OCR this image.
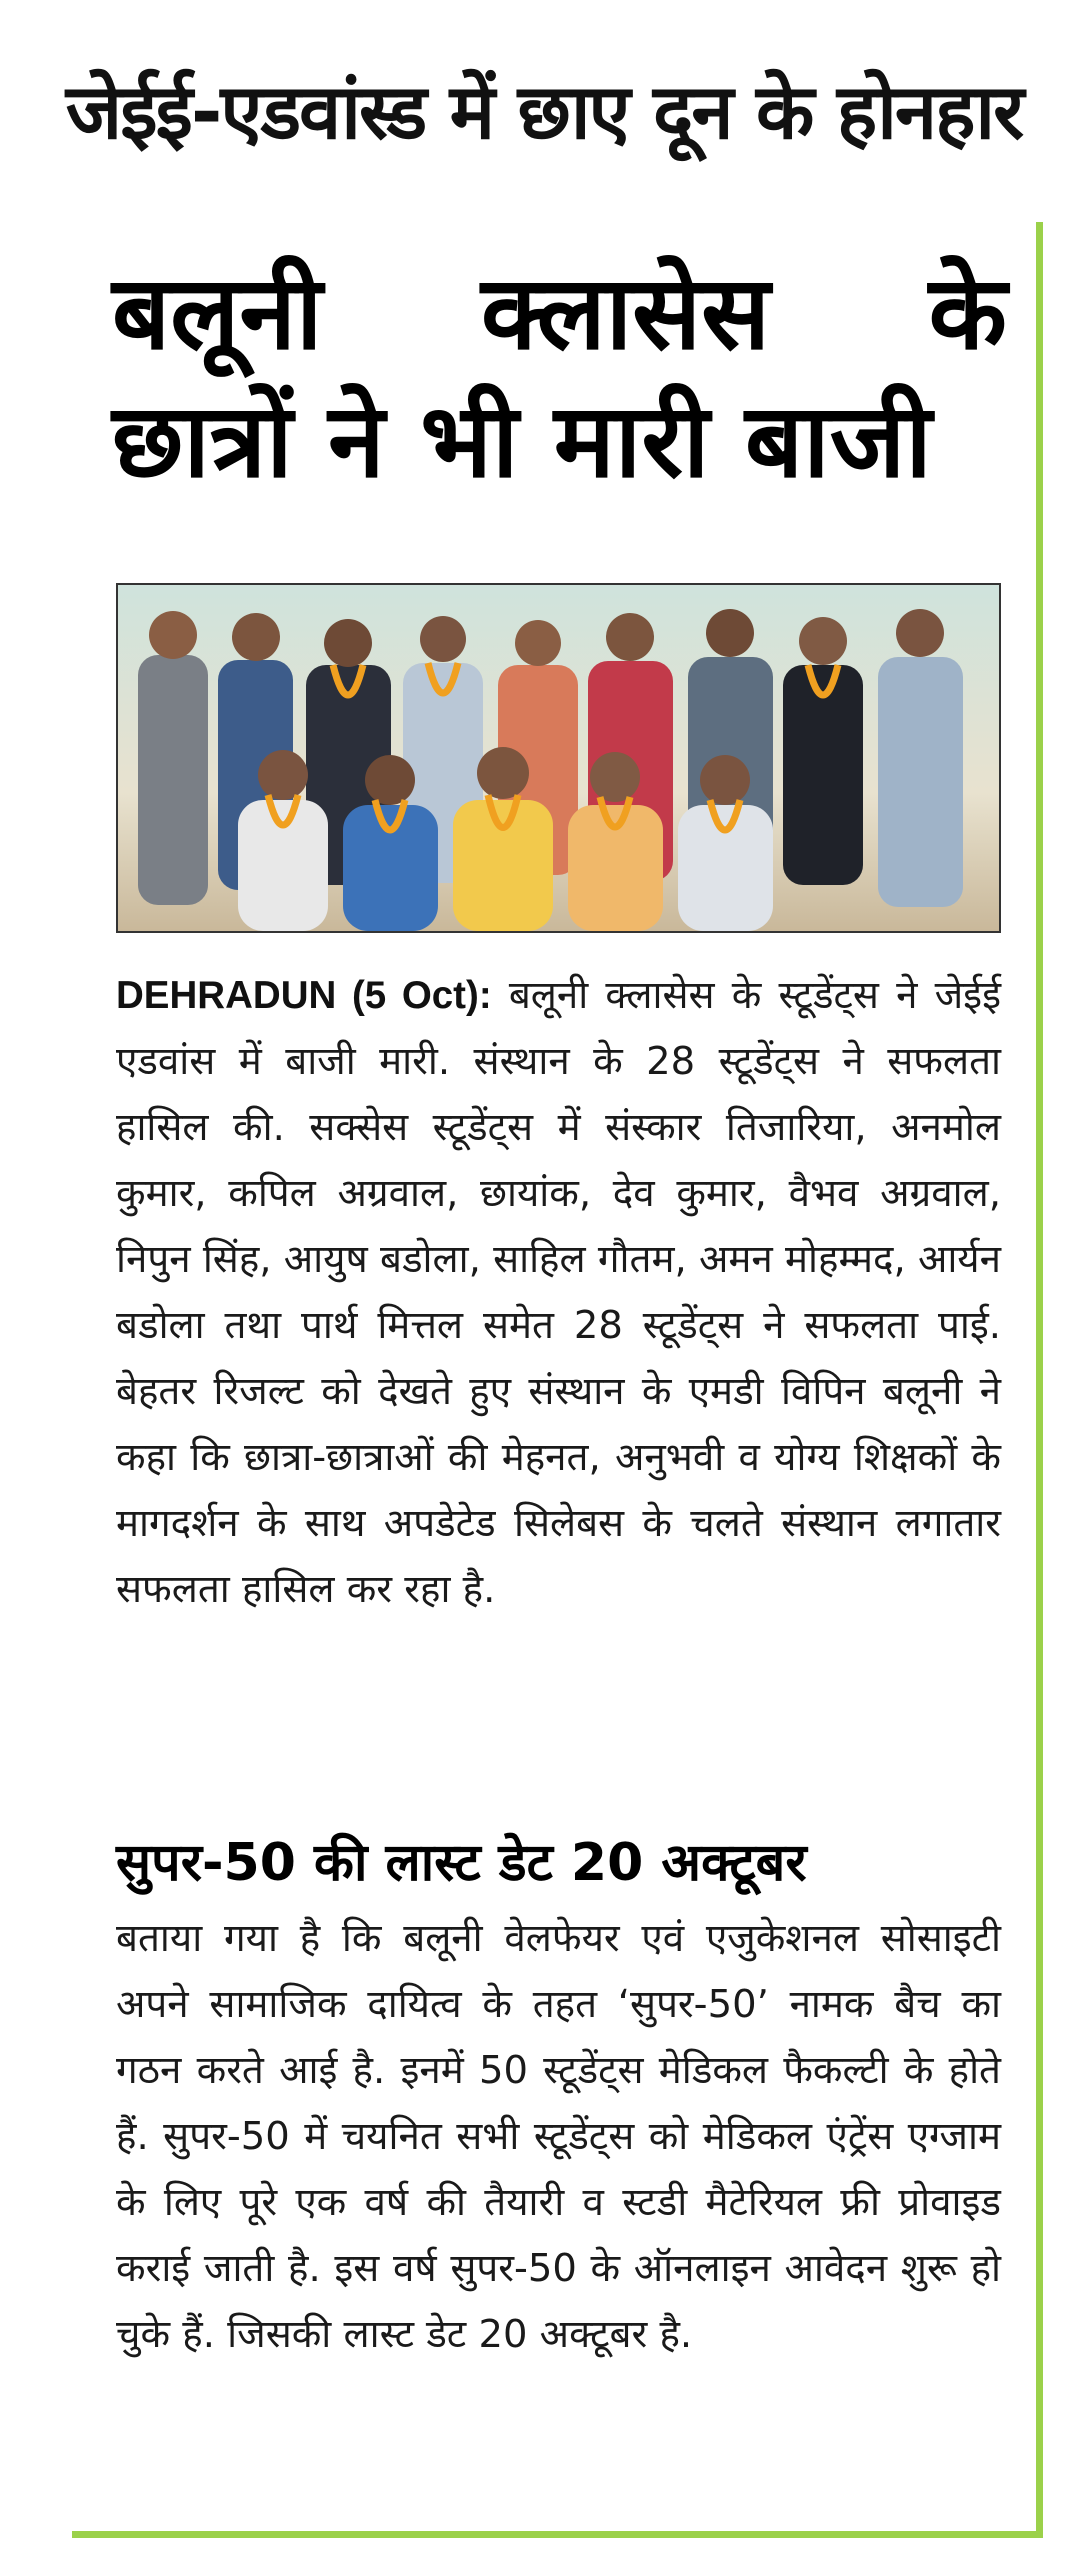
जेईई-एडवांस्ड में छाए दून के होनहार
बलूनी क्लासेस के
छात्रों ने भी मारी बाजी
DEHRADUN (5 Oct): बलूनी क्लासेस के स्टूडेंट्स ने जेईई एडवांस में बाजी मारी. संस्थान के 28 स्टूडेंट्स ने सफलता हासिल की. सक्सेस स्टूडेंट्स में संस्कार तिजारिया, अनमोल कुमार, कपिल अग्रवाल, छायांक, देव कुमार, वैभव अग्रवाल, निपुन सिंह, आयुष बडोला, साहिल गौतम, अमन मोहम्मद, आर्यन बडोला तथा पार्थ मित्तल समेत 28 स्टूडेंट्स ने सफलता पाई. बेहतर रिजल्ट को देखते हुए संस्थान के एमडी विपिन बलूनी ने कहा कि छात्रा-छात्राओं की मेहनत, अनुभवी व योग्य शिक्षकों के मागदर्शन के साथ अपडेटेड सिलेबस के चलते संस्थान लगातार सफलता हासिल कर रहा है.
सुपर-50 की लास्ट डेट 20 अक्टूबर
बताया गया है कि बलूनी वेलफेयर एवं एजुकेशनल सोसाइटी अपने सामाजिक दायित्व के तहत ‘सुपर-50’ नामक बैच का गठन करते आई है. इनमें 50 स्टूडेंट्स मेडिकल फैकल्टी के होते हैं. सुपर-50 में चयनित सभी स्टूडेंट्स को मेडिकल एंट्रेंस एग्जाम के लिए पूरे एक वर्ष की तैयारी व स्टडी मैटेरियल फ्री प्रोवाइड कराई जाती है. इस वर्ष सुपर-50 के ऑनलाइन आवेदन शुरू हो चुके हैं. जिसकी लास्ट डेट 20 अक्टूबर है.
